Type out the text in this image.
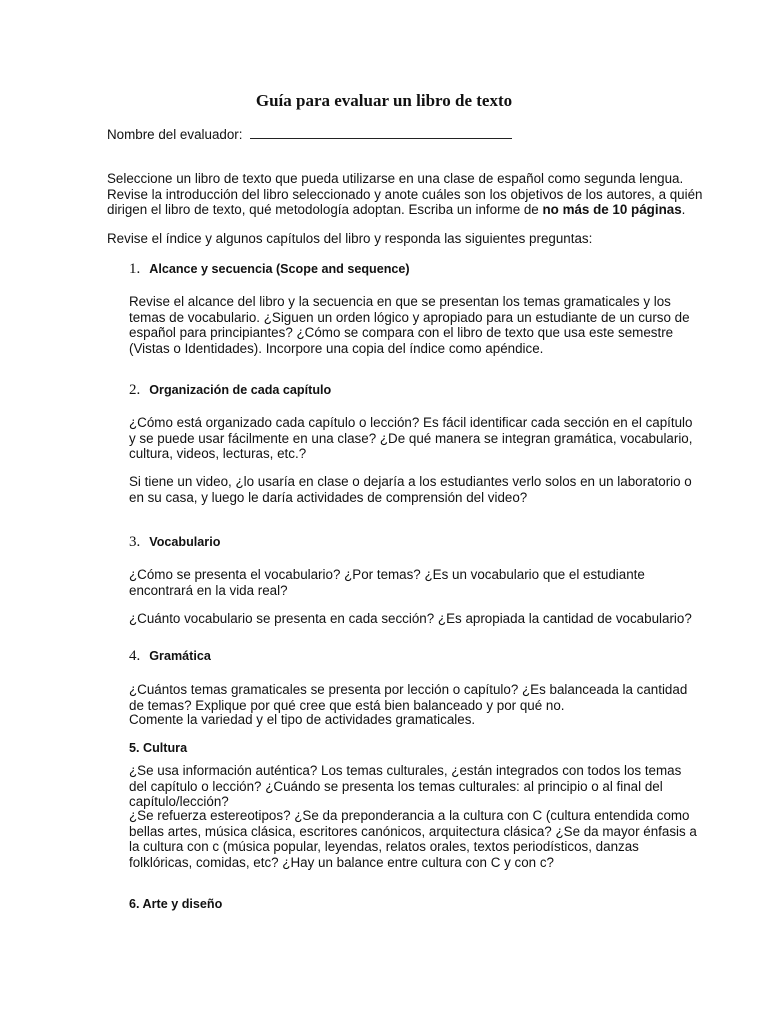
Guía para evaluar un libro de texto
Nombre del evaluador:
Seleccione un libro de texto que pueda utilizarse en una clase de español como segunda lengua. Revise la introducción del libro seleccionado y anote cuáles son los objetivos de los autores, a quién dirigen el libro de texto, qué metodología adoptan. Escriba un informe de no más de 10 páginas.
Revise el índice y algunos capítulos del libro y responda las siguientes preguntas:
1. Alcance y secuencia (Scope and sequence)
Revise el alcance del libro y la secuencia en que se presentan los temas gramaticales y los temas de vocabulario. ¿Siguen un orden lógico y apropiado para un estudiante de un curso de español para principiantes? ¿Cómo se compara con el libro de texto que usa este semestre (Vistas o Identidades). Incorpore una copia del índice como apéndice.
2. Organización de cada capítulo
¿Cómo está organizado cada capítulo o lección? Es fácil identificar cada sección en el capítulo y se puede usar fácilmente en una clase? ¿De qué manera se integran gramática, vocabulario, cultura, videos, lecturas, etc.?
Si tiene un video, ¿lo usaría en clase o dejaría a los estudiantes verlo solos en un laboratorio o en su casa, y luego le daría actividades de comprensión del video?
3. Vocabulario
¿Cómo se presenta el vocabulario? ¿Por temas? ¿Es un vocabulario que el estudiante encontrará en la vida real?
¿Cuánto vocabulario se presenta en cada sección? ¿Es apropiada la cantidad de vocabulario?
4. Gramática
¿Cuántos temas gramaticales se presenta por lección o capítulo? ¿Es balanceada la cantidad de temas? Explique por qué cree que está bien balanceado y por qué no.
Comente la variedad y el tipo de actividades gramaticales.
5. Cultura
¿Se usa información auténtica? Los temas culturales, ¿están integrados con todos los temas del capítulo o lección? ¿Cuándo se presenta los temas culturales: al principio o al final del capítulo/lección?
¿Se refuerza estereotipos? ¿Se da preponderancia a la cultura con C (cultura entendida como bellas artes, música clásica, escritores canónicos, arquitectura clásica? ¿Se da mayor énfasis a la cultura con c (música popular, leyendas, relatos orales, textos periodísticos, danzas folklóricas, comidas, etc? ¿Hay un balance entre cultura con C y con c?
6. Arte y diseño
